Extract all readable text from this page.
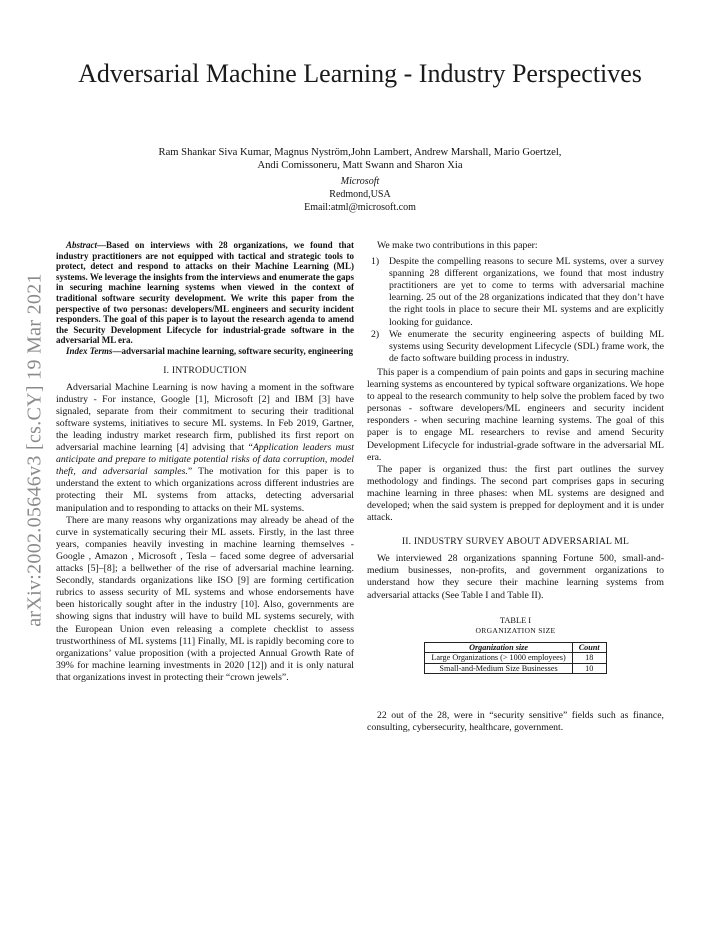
Adversarial Machine Learning - Industry Perspectives
Ram Shankar Siva Kumar, Magnus Nyström,John Lambert, Andrew Marshall, Mario Goertzel,
Andi Comissoneru, Matt Swann and Sharon Xia
Microsoft
Redmond,USA
Email:atml@microsoft.com
arXiv:2002.05646v3 [cs.CY] 19 Mar 2021

Abstract—Based on interviews with 28 organizations, we found that industry practitioners are not equipped with tactical and strategic tools to protect, detect and respond to attacks on their Machine Learning (ML) systems. We leverage the insights from the interviews and enumerate the gaps in securing machine learning systems when viewed in the context of traditional software security development. We write this paper from the perspective of two personas: developers/ML engineers and security incident responders. The goal of this paper is to layout the research agenda to amend the Security Development Lifecycle for industrial-grade software in the adversarial ML era.

Index Terms—adversarial machine learning, software security, engineering

I. INTRODUCTION

Adversarial Machine Learning is now having a moment in the software industry - For instance, Google [1], Microsoft [2] and IBM [3] have signaled, separate from their commitment to securing their traditional software systems, initiatives to secure ML systems. In Feb 2019, Gartner, the leading industry market research firm, published its first report on adversarial machine learning [4] advising that “Application leaders must anticipate and prepare to mitigate potential risks of data corruption, model theft, and adversarial samples.” The motivation for this paper is to understand the extent to which organizations across different industries are protecting their ML systems from attacks, detecting adversarial manipulation and to responding to attacks on their ML systems.

There are many reasons why organizations may already be ahead of the curve in systematically securing their ML assets. Firstly, in the last three years, companies heavily investing in machine learning themselves - Google , Amazon , Microsoft , Tesla – faced some degree of adversarial attacks [5]–[8]; a bellwether of the rise of adversarial machine learning. Secondly, standards organizations like ISO [9] are forming certification rubrics to assess security of ML systems and whose endorsements have been historically sought after in the industry [10]. Also, governments are showing signs that industry will have to build ML systems securely, with the European Union even releasing a complete checklist to assess trustworthiness of ML systems [11] Finally, ML is rapidly becoming core to organizations’ value proposition (with a projected Annual Growth Rate of 39% for machine learning investments in 2020 [12]) and it is only natural that organizations invest in protecting their “crown jewels”.

We make two contributions in this paper:

1)	Despite the compelling reasons to secure ML systems, over a survey spanning 28 different organizations, we found that most industry practitioners are yet to come to terms with adversarial machine learning. 25 out of the 28 organizations indicated that they don’t have the right tools in place to secure their ML systems and are explicitly looking for guidance.
2)	We enumerate the security engineering aspects of building ML systems using Security development Lifecycle (SDL) frame work, the de facto software building process in industry.

This paper is a compendium of pain points and gaps in securing machine learning systems as encountered by typical software organizations. We hope to appeal to the research community to help solve the problem faced by two personas - software developers/ML engineers and security incident responders - when securing machine learning systems. The goal of this paper is to engage ML researchers to revise and amend Security Development Lifecycle for industrial-grade software in the adversarial ML era.

The paper is organized thus: the first part outlines the survey methodology and findings. The second part comprises gaps in securing machine learning in three phases: when ML systems are designed and developed; when the said system is prepped for deployment and it is under attack.

II. INDUSTRY SURVEY ABOUT ADVERSARIAL ML

We interviewed 28 organizations spanning Fortune 500, small-and-medium businesses, non-profits, and government organizations to understand how they secure their machine learning systems from adversarial attacks (See Table I and Table II).

TABLE I
ORGANIZATION SIZE
Organization size	Count
Large Organizations (> 1000 employees)	18
Small-and-Medium Size Businesses	10

22 out of the 28, were in “security sensitive” fields such as finance, consulting, cybersecurity, healthcare, government.
